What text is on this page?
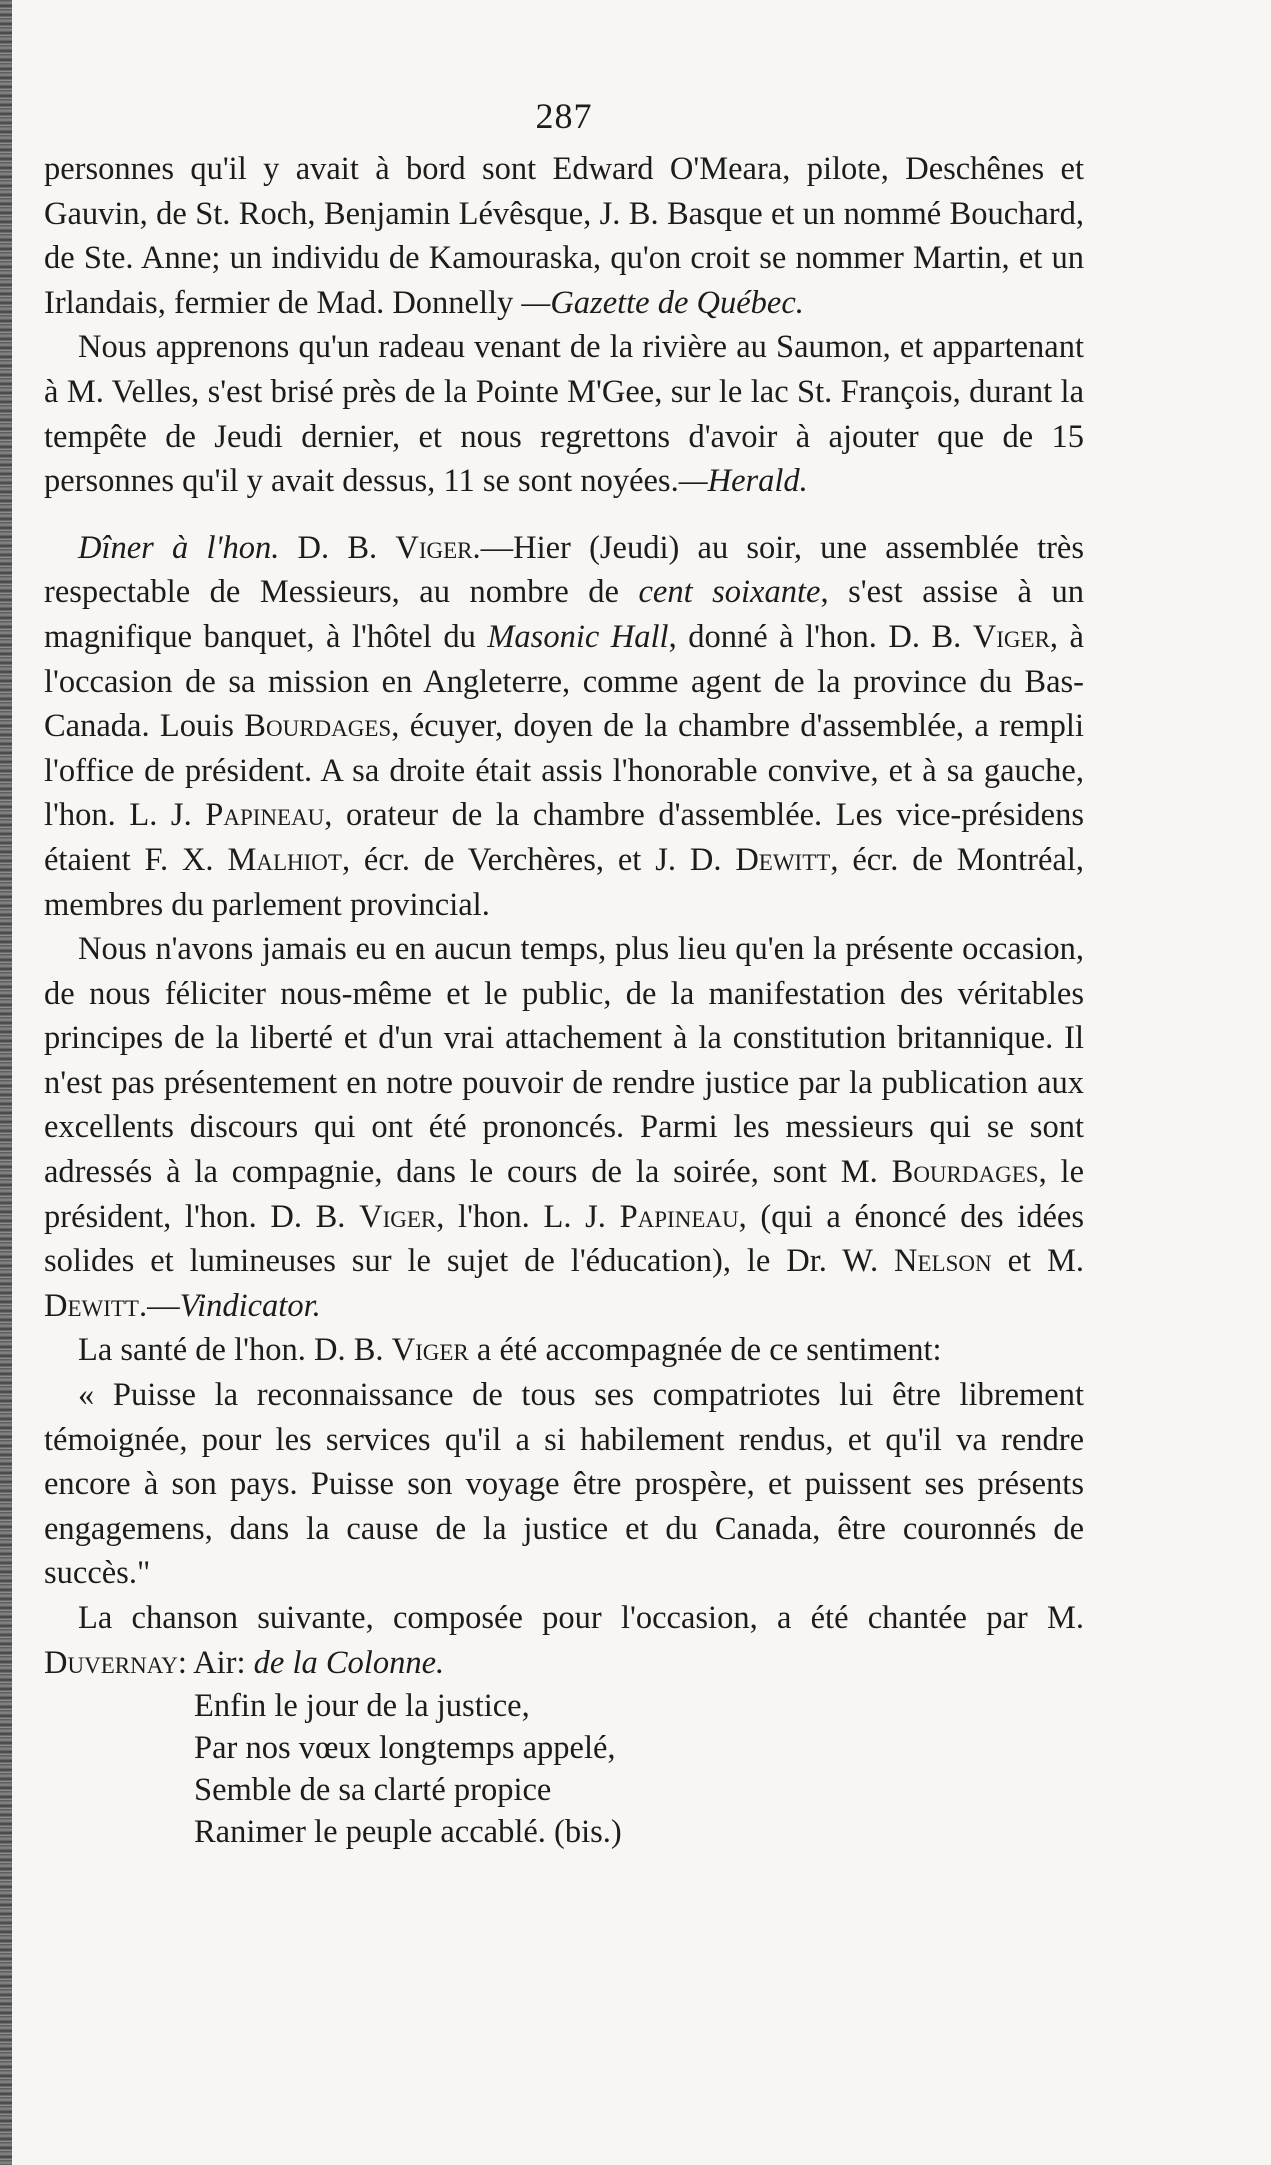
287

personnes qu'il y avait à bord sont Edward O'Meara, pilote, Deschênes et Gauvin, de St. Roch, Benjamin Lévêsque, J. B. Basque et un nommé Bouchard, de Ste. Anne; un individu de Kamouraska, qu'on croit se nommer Martin, et un Irlandais, fermier de Mad. Donnelly —Gazette de Québec.

Nous apprenons qu'un radeau venant de la rivière au Saumon, et appartenant à M. Velles, s'est brisé près de la Pointe M'Gee, sur le lac St. François, durant la tempête de Jeudi dernier, et nous regrettons d'avoir à ajouter que de 15 personnes qu'il y avait dessus, 11 se sont noyées.—Herald.

Dîner à l'hon. D. B. Viger.—Hier (Jeudi) au soir, une assemblée très respectable de Messieurs, au nombre de cent soixante, s'est assise à un magnifique banquet, à l'hôtel du Masonic Hall, donné à l'hon. D. B. Viger, à l'occasion de sa mission en Angleterre, comme agent de la province du Bas-Canada. Louis Bourdages, écuyer, doyen de la chambre d'assemblée, a rempli l'office de président. A sa droite était assis l'honorable convive, et à sa gauche, l'hon. L. J. Papineau, orateur de la chambre d'assemblée. Les vice-présidens étaient F. X. Malhiot, écr. de Verchères, et J. D. Dewitt, écr. de Montréal, membres du parlement provincial.

Nous n'avons jamais eu en aucun temps, plus lieu qu'en la présente occasion, de nous féliciter nous-même et le public, de la manifestation des véritables principes de la liberté et d'un vrai attachement à la constitution britannique. Il n'est pas présentement en notre pouvoir de rendre justice par la publication aux excellents discours qui ont été prononcés. Parmi les messieurs qui se sont adressés à la compagnie, dans le cours de la soirée, sont M. Bourdages, le président, l'hon. D. B. Viger, l'hon. L. J. Papineau, (qui a énoncé des idées solides et lumineuses sur le sujet de l'éducation), le Dr. W. Nelson et M. Dewitt.—Vindicator.

La santé de l'hon. D. B. Viger a été accompagnée de ce sentiment:

« Puisse la reconnaissance de tous ses compatriotes lui être librement témoignée, pour les services qu'il a si habilement rendus, et qu'il va rendre encore à son pays. Puisse son voyage être prospère, et puissent ses présents engagemens, dans la cause de la justice et du Canada, être couronnés de succès."

La chanson suivante, composée pour l'occasion, a été chantée par M. Duvernay: Air: de la Colonne.

Enfin le jour de la justice,
Par nos vœux longtemps appelé,
Semble de sa clarté propice
Ranimer le peuple accablé. (bis.)
